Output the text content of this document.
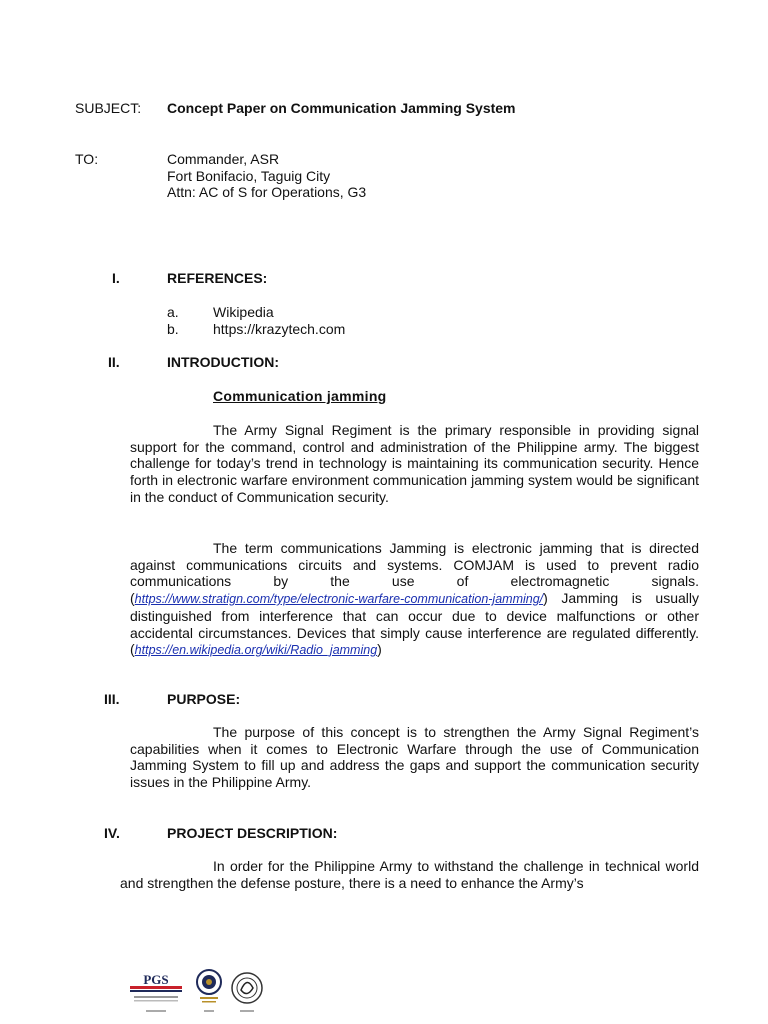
SUBJECT: Concept Paper on Communication Jamming System
TO:	Commander, ASR
Fort Bonifacio, Taguig City
Attn: AC of S for Operations, G3
I.	REFERENCES:
a. Wikipedia
b. https://krazytech.com
II.	INTRODUCTION:
Communication jamming
The Army Signal Regiment is the primary responsible in providing signal support for the command, control and administration of the Philippine army. The biggest challenge for today’s trend in technology is maintaining its communication security. Hence forth in electronic warfare environment communication jamming system would be significant in the conduct of Communication security.
The term communications Jamming is electronic jamming that is directed against communications circuits and systems. COMJAM is used to prevent radio communications by the use of electromagnetic signals. (https://www.stratign.com/type/electronic-warfare-communication-jamming/) Jamming is usually distinguished from interference that can occur due to device malfunctions or other accidental circumstances. Devices that simply cause interference are regulated differently. (https://en.wikipedia.org/wiki/Radio_jamming)
III.	PURPOSE:
The purpose of this concept is to strengthen the Army Signal Regiment’s capabilities when it comes to Electronic Warfare through the use of Communication Jamming System to fill up and address the gaps and support the communication security issues in the Philippine Army.
IV.	PROJECT DESCRIPTION:
In order for the Philippine Army to withstand the challenge in technical world and strengthen the defense posture, there is a need to enhance the Army’s
PGS
